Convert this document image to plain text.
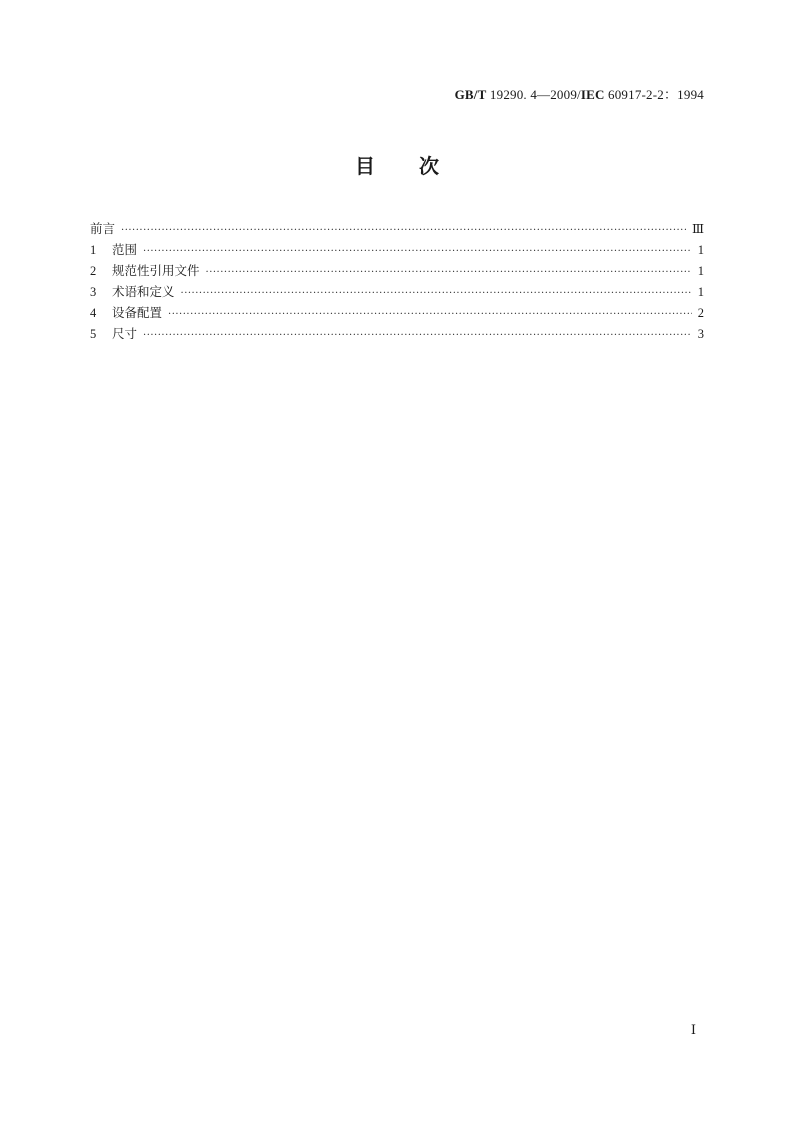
GB/T 19290. 4—2009/IEC 60917-2-2：1994
目 次
前言 ·····	Ⅲ
1	范围 ·····	1
2	规范性引用文件 ·····	1
3	术语和定义 ·····	1
4	设备配置 ·····	2
5	尺寸 ·····	3
Ⅰ
